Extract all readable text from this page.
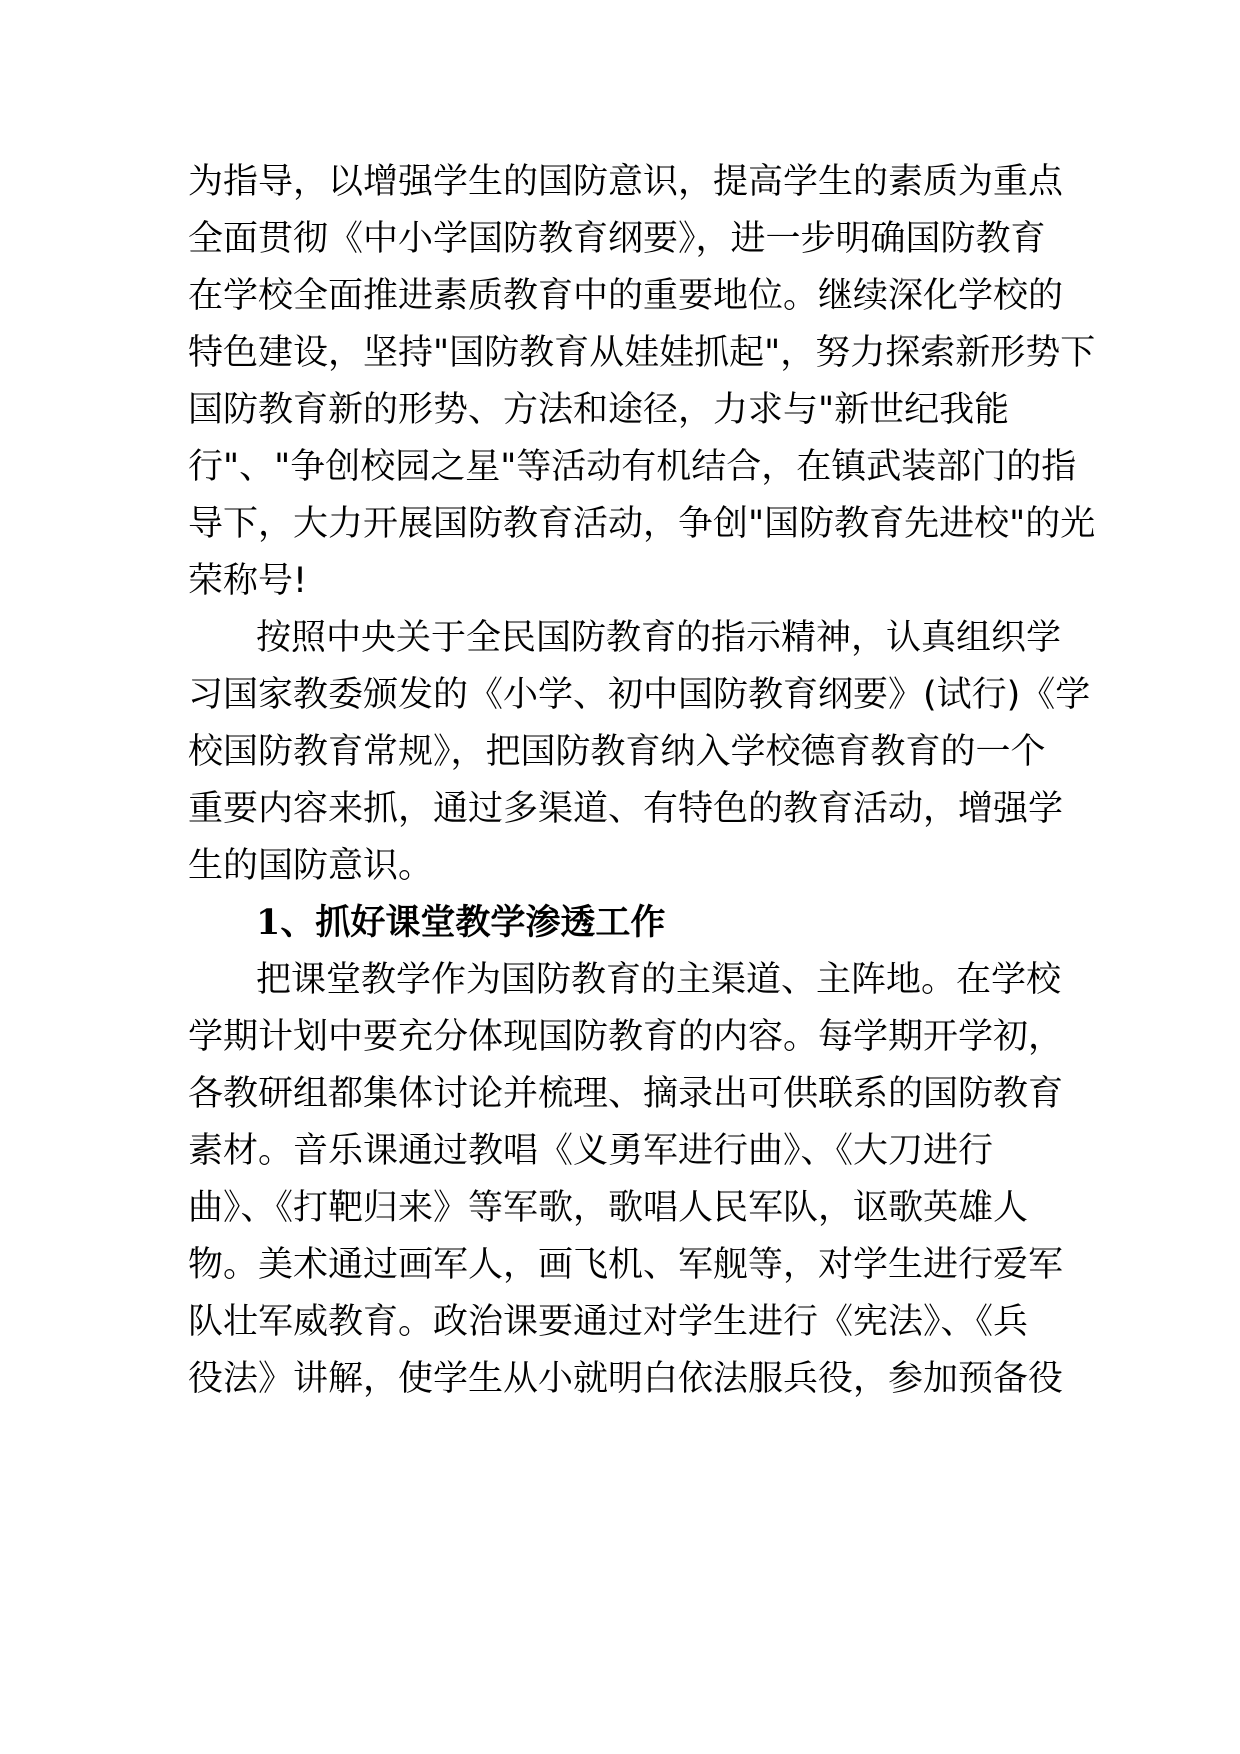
为指导，以增强学生的国防意识，提高学生的素质为重点
全面贯彻《中小学国防教育纲要》，进一步明确国防教育
在学校全面推进素质教育中的重要地位。继续深化学校的
特色建设，坚持"国防教育从娃娃抓起"，努力探索新形势下
国防教育新的形势、方法和途径，力求与"新世纪我能
行"、"争创校园之星"等活动有机结合，在镇武装部门的指
导下，大力开展国防教育活动，争创"国防教育先进校"的光
荣称号!
按照中央关于全民国防教育的指示精神，认真组织学
习国家教委颁发的《小学、初中国防教育纲要》(试行)《学
校国防教育常规》，把国防教育纳入学校德育教育的一个
重要内容来抓，通过多渠道、有特色的教育活动，增强学
生的国防意识。
1、抓好课堂教学渗透工作
把课堂教学作为国防教育的主渠道、主阵地。在学校
学期计划中要充分体现国防教育的内容。每学期开学初，
各教研组都集体讨论并梳理、摘录出可供联系的国防教育
素材。音乐课通过教唱《义勇军进行曲》、《大刀进行
曲》、《打靶归来》等军歌，歌唱人民军队，讴歌英雄人
物。美术通过画军人，画飞机、军舰等，对学生进行爱军
队壮军威教育。政治课要通过对学生进行《宪法》、《兵
役法》讲解，使学生从小就明白依法服兵役，参加预备役
